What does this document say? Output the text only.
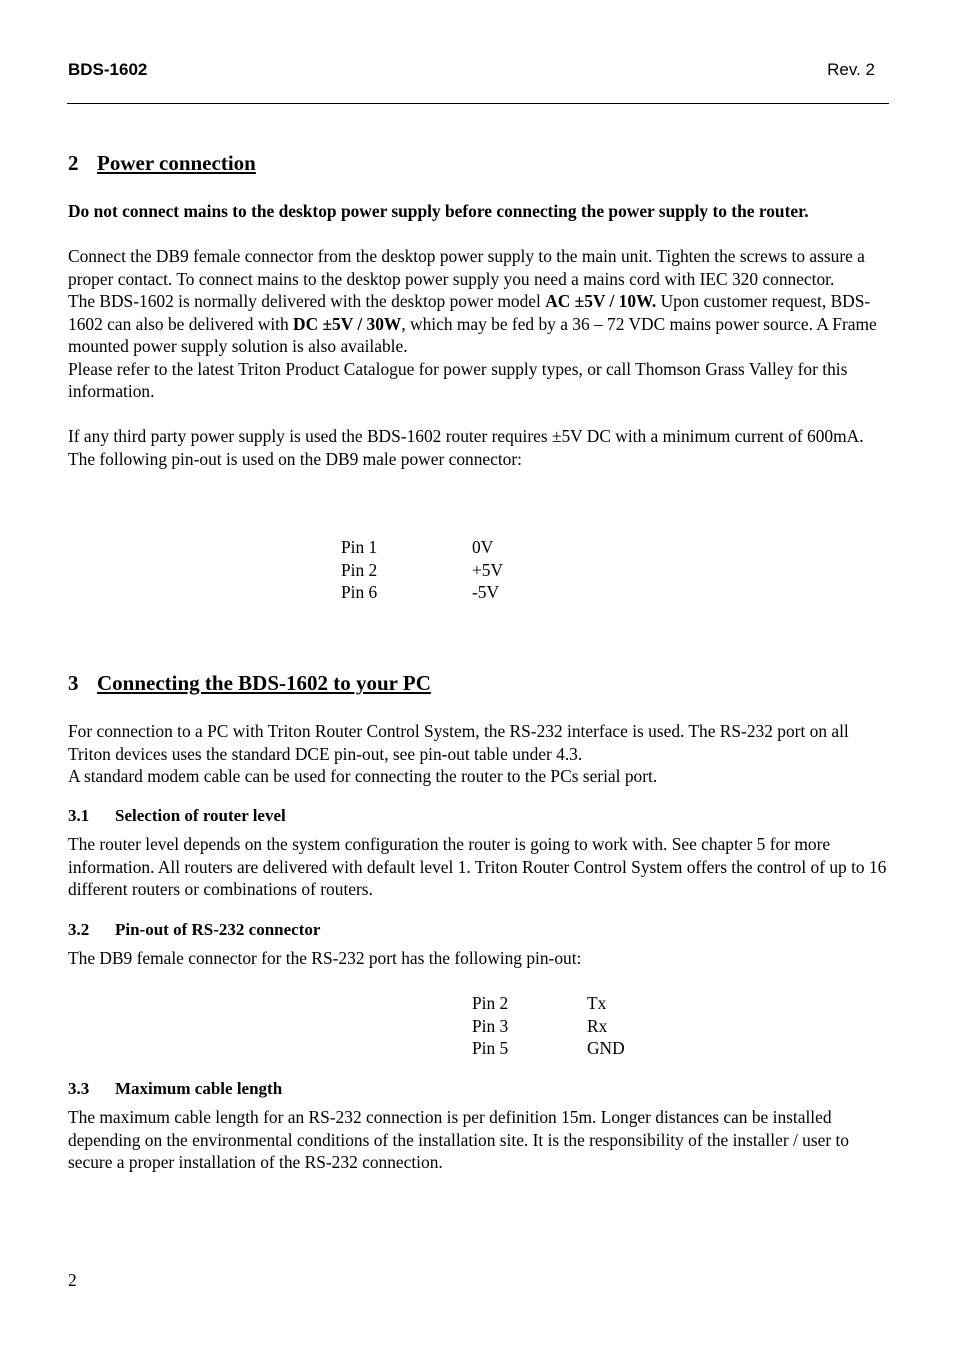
BDS-1602	Rev. 2
2 Power connection

Do not connect mains to the desktop power supply before connecting the power supply to the router.

Connect the DB9 female connector from the desktop power supply to the main unit. Tighten the screws to assure a proper contact. To connect mains to the desktop power supply you need a mains cord with IEC 320 connector.

The BDS-1602 is normally delivered with the desktop power model AC ±5V / 10W. Upon customer request, BDS-1602 can also be delivered with DC ±5V / 30W, which may be fed by a 36 – 72 VDC mains power source. A Frame mounted power supply solution is also available.

Please refer to the latest Triton Product Catalogue for power supply types, or call Thomson Grass Valley for this information.

If any third party power supply is used the BDS-1602 router requires ±5V DC with a minimum current of 600mA. The following pin-out is used on the DB9 male power connector:

Pin 1	0V
Pin 2	+5V
Pin 6	-5V
3 Connecting the BDS-1602 to your PC

For connection to a PC with Triton Router Control System, the RS-232 interface is used. The RS-232 port on all Triton devices uses the standard DCE pin-out, see pin-out table under 4.3.

A standard modem cable can be used for connecting the router to the PCs serial port.

3.1 Selection of router level
The router level depends on the system configuration the router is going to work with. See chapter 5 for more information. All routers are delivered with default level 1. Triton Router Control System offers the control of up to 16 different routers or combinations of routers.
3.2 Pin-out of RS-232 connector
The DB9 female connector for the RS-232 port has the following pin-out:
Pin 2	Tx
Pin 3	Rx
Pin 5	GND
3.3 Maximum cable length
The maximum cable length for an RS-232 connection is per definition 15m. Longer distances can be installed depending on the environmental conditions of the installation site. It is the responsibility of the installer / user to secure a proper installation of the RS-232 connection.
2
